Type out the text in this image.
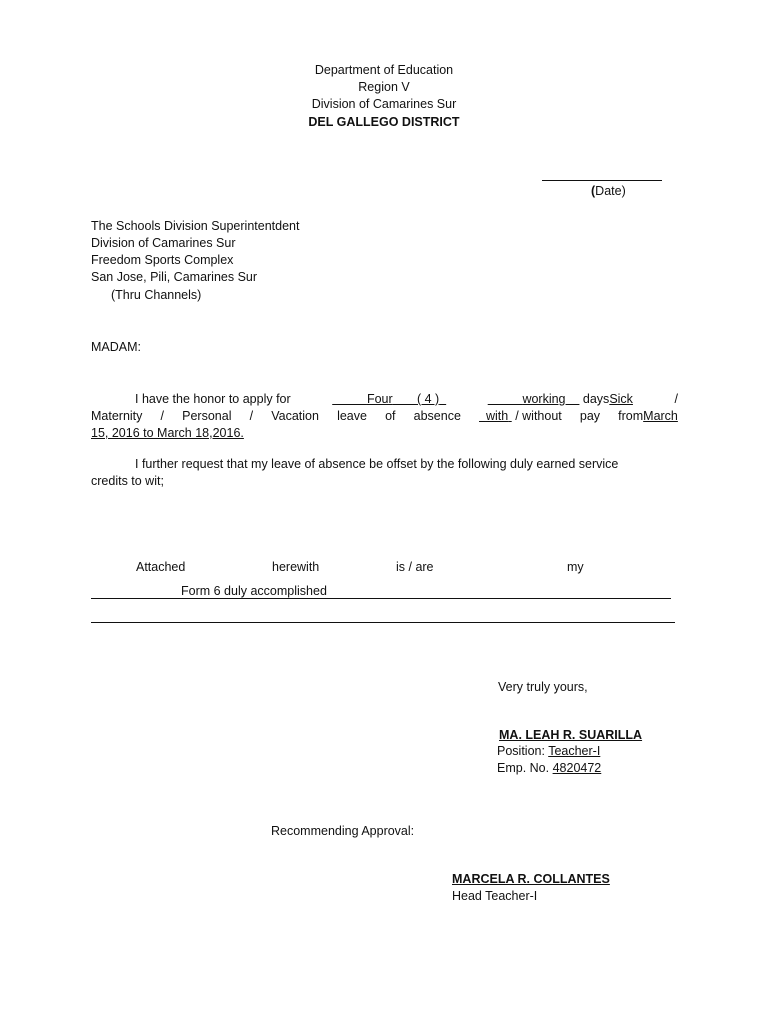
Department of Education
Region V
Division of Camarines Sur
DEL GALLEGO DISTRICT
(Date)
The Schools Division Superintentdent
Division of Camarines Sur
Freedom Sports Complex
San Jose, Pili, Camarines Sur
(Thru Channels)
MADAM:
I have the honor to apply for	Four ( 4 )	working daysSick	/
Maternity / Personal / Vacation leave of absence	with / without pay fromMarch
15, 2016 to March 18,2016.
I further request that my leave of absence be offset by the following duly earned service
credits to wit;
Attached	herewith	is / are	my
Form 6 duly accomplished
Very truly yours,
MA. LEAH R. SUARILLA
Position: Teacher-I
Emp. No. 4820472
Recommending Approval:
MARCELA R. COLLANTES
Head Teacher-I
